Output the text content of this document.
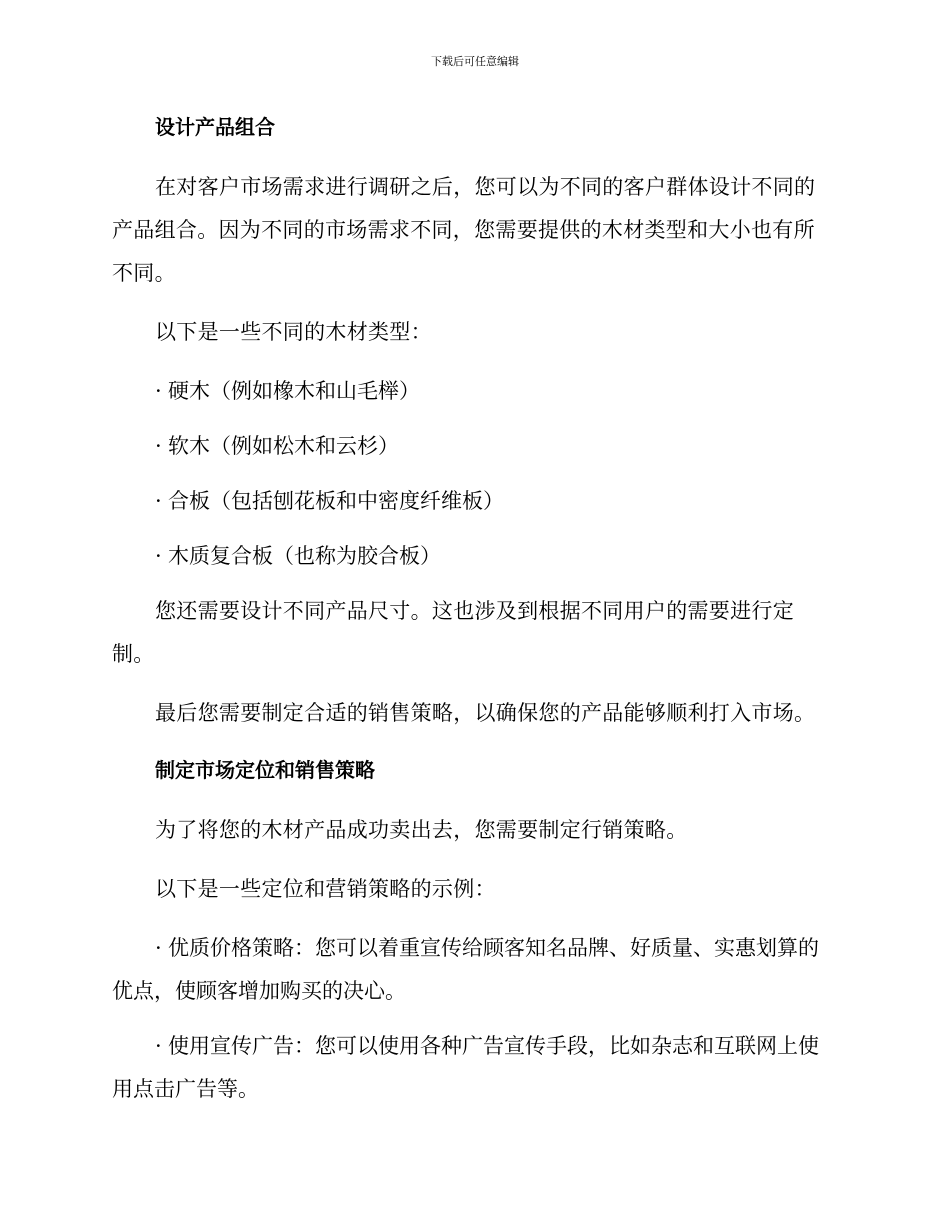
下载后可任意编辑
设计产品组合

在对客户市场需求进行调研之后，您可以为不同的客户群体设计不同的产品组合。因为不同的市场需求不同，您需要提供的木材类型和大小也有所不同。

以下是一些不同的木材类型：

· 硬木（例如橡木和山毛榉）

· 软木（例如松木和云杉）

· 合板（包括刨花板和中密度纤维板）

· 木质复合板（也称为胶合板）

您还需要设计不同产品尺寸。这也涉及到根据不同用户的需要进行定制。

最后您需要制定合适的销售策略，以确保您的产品能够顺利打入市场。

制定市场定位和销售策略

为了将您的木材产品成功卖出去，您需要制定行销策略。

以下是一些定位和营销策略的示例：

· 优质价格策略：您可以着重宣传给顾客知名品牌、好质量、实惠划算的优点，使顾客增加购买的决心。

· 使用宣传广告：您可以使用各种广告宣传手段，比如杂志和互联网上使用点击广告等。
